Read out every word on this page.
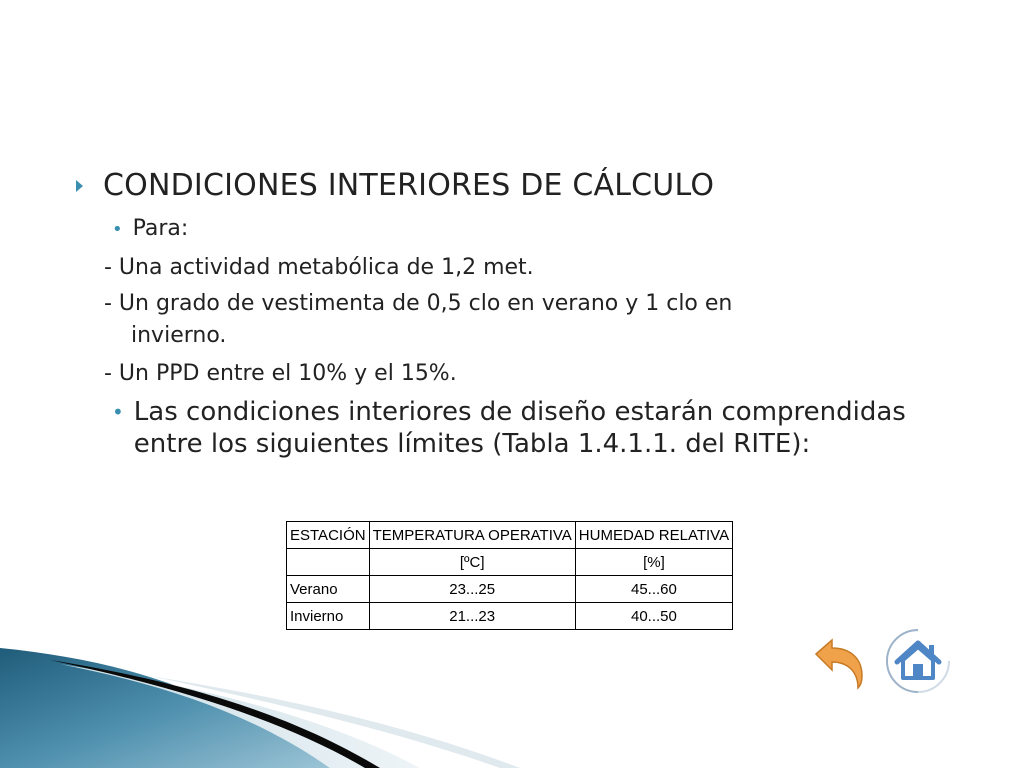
CONDICIONES INTERIORES DE CÁLCULO
• Para:
- Una actividad metabólica de 1,2 met.
- Un grado de vestimenta de 0,5 clo en verano y 1 clo en
invierno.
- Un PPD entre el 10% y el 15%.
• Las condiciones interiores de diseño estarán comprendidas
entre los siguientes límites (Tabla 1.4.1.1. del RITE):
ESTACIÓN	TEMPERATURA OPERATIVA	HUMEDAD RELATIVA
	[ºC]	[%]
Verano	23...25	45...60
Invierno	21...23	40...50
